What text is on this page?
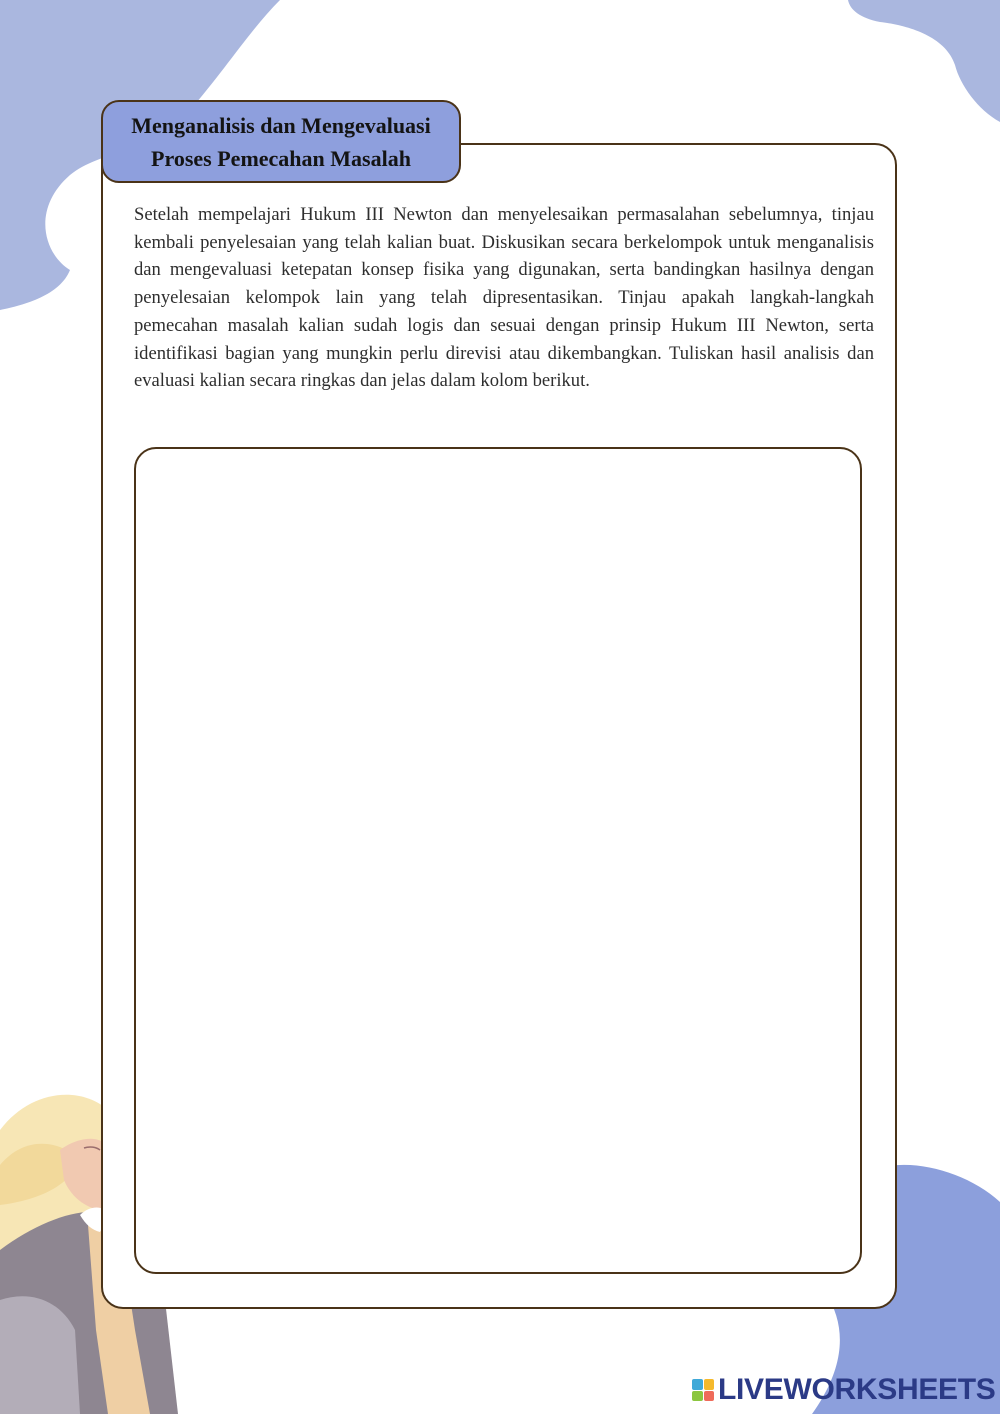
Menganalisis dan Mengevaluasi
Proses Pemecahan Masalah

Setelah mempelajari Hukum III Newton dan menyelesaikan permasalahan sebelumnya, tinjau kembali penyelesaian yang telah kalian buat. Diskusikan secara berkelompok untuk menganalisis dan mengevaluasi ketepatan konsep fisika yang digunakan, serta bandingkan hasilnya dengan penyelesaian kelompok lain yang telah dipresentasikan. Tinjau apakah langkah-langkah pemecahan masalah kalian sudah logis dan sesuai dengan prinsip Hukum III Newton, serta identifikasi bagian yang mungkin perlu direvisi atau dikembangkan. Tuliskan hasil analisis dan evaluasi kalian secara ringkas dan jelas dalam kolom berikut.

LIVEWORKSHEETS
